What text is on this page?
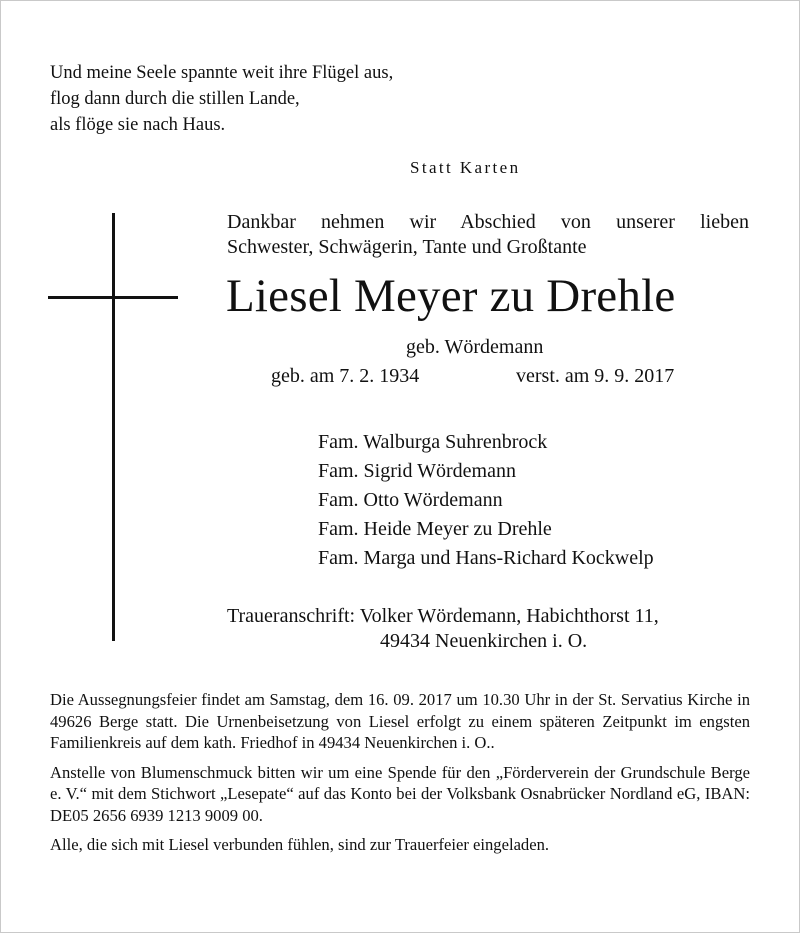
Und meine Seele spannte weit ihre Flügel aus,
flog dann durch die stillen Lande,
als flöge sie nach Haus.
Statt Karten
Dankbar nehmen wir Abschied von unserer lieben
Schwester, Schwägerin, Tante und Großtante
Liesel Meyer zu Drehle
geb. Wördemann
geb. am 7. 2. 1934	verst. am 9. 9. 2017
Fam. Walburga Suhrenbrock
Fam. Sigrid Wördemann
Fam. Otto Wördemann
Fam. Heide Meyer zu Drehle
Fam. Marga und Hans-Richard Kockwelp
Traueranschrift: Volker Wördemann, Habichthorst 11,
49434 Neuenkirchen i. O.

Die Aussegnungsfeier findet am Samstag, dem 16. 09. 2017 um 10.30 Uhr in der St. Servatius Kirche in 49626 Berge statt. Die Urnenbeisetzung von Liesel erfolgt zu einem späteren Zeitpunkt im engsten Familienkreis auf dem kath. Friedhof in 49434 Neuenkirchen i. O..

Anstelle von Blumenschmuck bitten wir um eine Spende für den „Förderverein der Grundschule Berge e. V.“ mit dem Stichwort „Lesepate“ auf das Konto bei der Volksbank Osnabrücker Nordland eG, IBAN: DE05 2656 6939 1213 9009 00.

Alle, die sich mit Liesel verbunden fühlen, sind zur Trauerfeier eingeladen.
